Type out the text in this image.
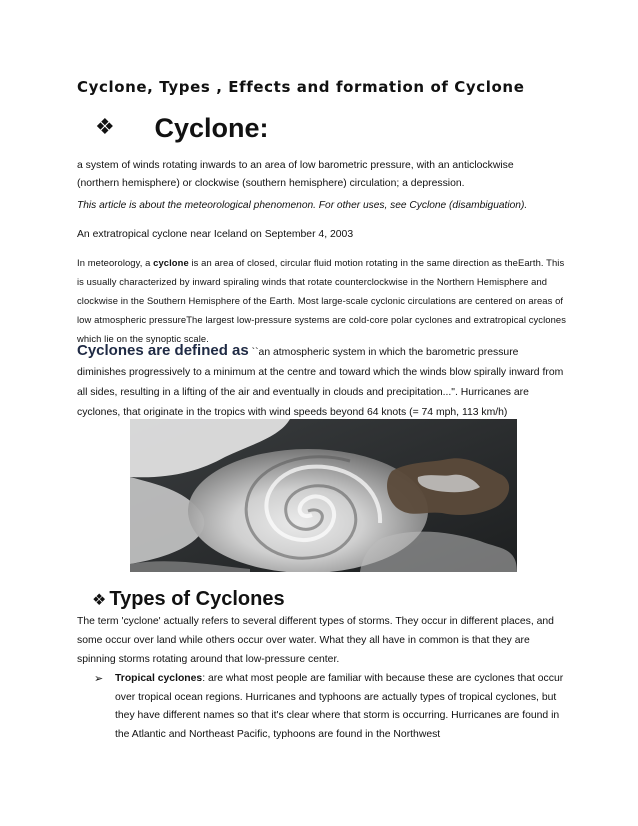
Cyclone, Types , Effects and formation of Cyclone
❖ Cyclone:

a system of winds rotating inwards to an area of low barometric pressure, with an anticlockwise (northern hemisphere) or clockwise (southern hemisphere) circulation; a depression.

This article is about the meteorological phenomenon. For other uses, see Cyclone (disambiguation).

An extratropical cyclone near Iceland on September 4, 2003

In meteorology, a cyclone is an area of closed, circular fluid motion rotating in the same direction as theEarth. This is usually characterized by inward spiraling winds that rotate counterclockwise in the Northern Hemisphere and clockwise in the Southern Hemisphere of the Earth. Most large-scale cyclonic circulations are centered on areas of low atmospheric pressureThe largest low-pressure systems are cold-core polar cyclones and extratropical cyclones which lie on the synoptic scale.

Cyclones are defined as ``an atmospheric system in which the barometric pressure diminishes progressively to a minimum at the centre and toward which the winds blow spirally inward from all sides, resulting in a lifting of the air and eventually in clouds and precipitation...". Hurricanes are cyclones, that originate in the tropics with wind speeds beyond 64 knots (= 74 mph, 113 km/h)

❖ Types of Cyclones

The term 'cyclone' actually refers to several different types of storms. They occur in different places, and some occur over land while others occur over water. What they all have in common is that they are spinning storms rotating around that low-pressure center.

➢ Tropical cyclones: are what most people are familiar with because these are cyclones that occur over tropical ocean regions. Hurricanes and typhoons are actually types of tropical cyclones, but they have different names so that it's clear where that storm is occurring. Hurricanes are found in the Atlantic and Northeast Pacific, typhoons are found in the Northwest
